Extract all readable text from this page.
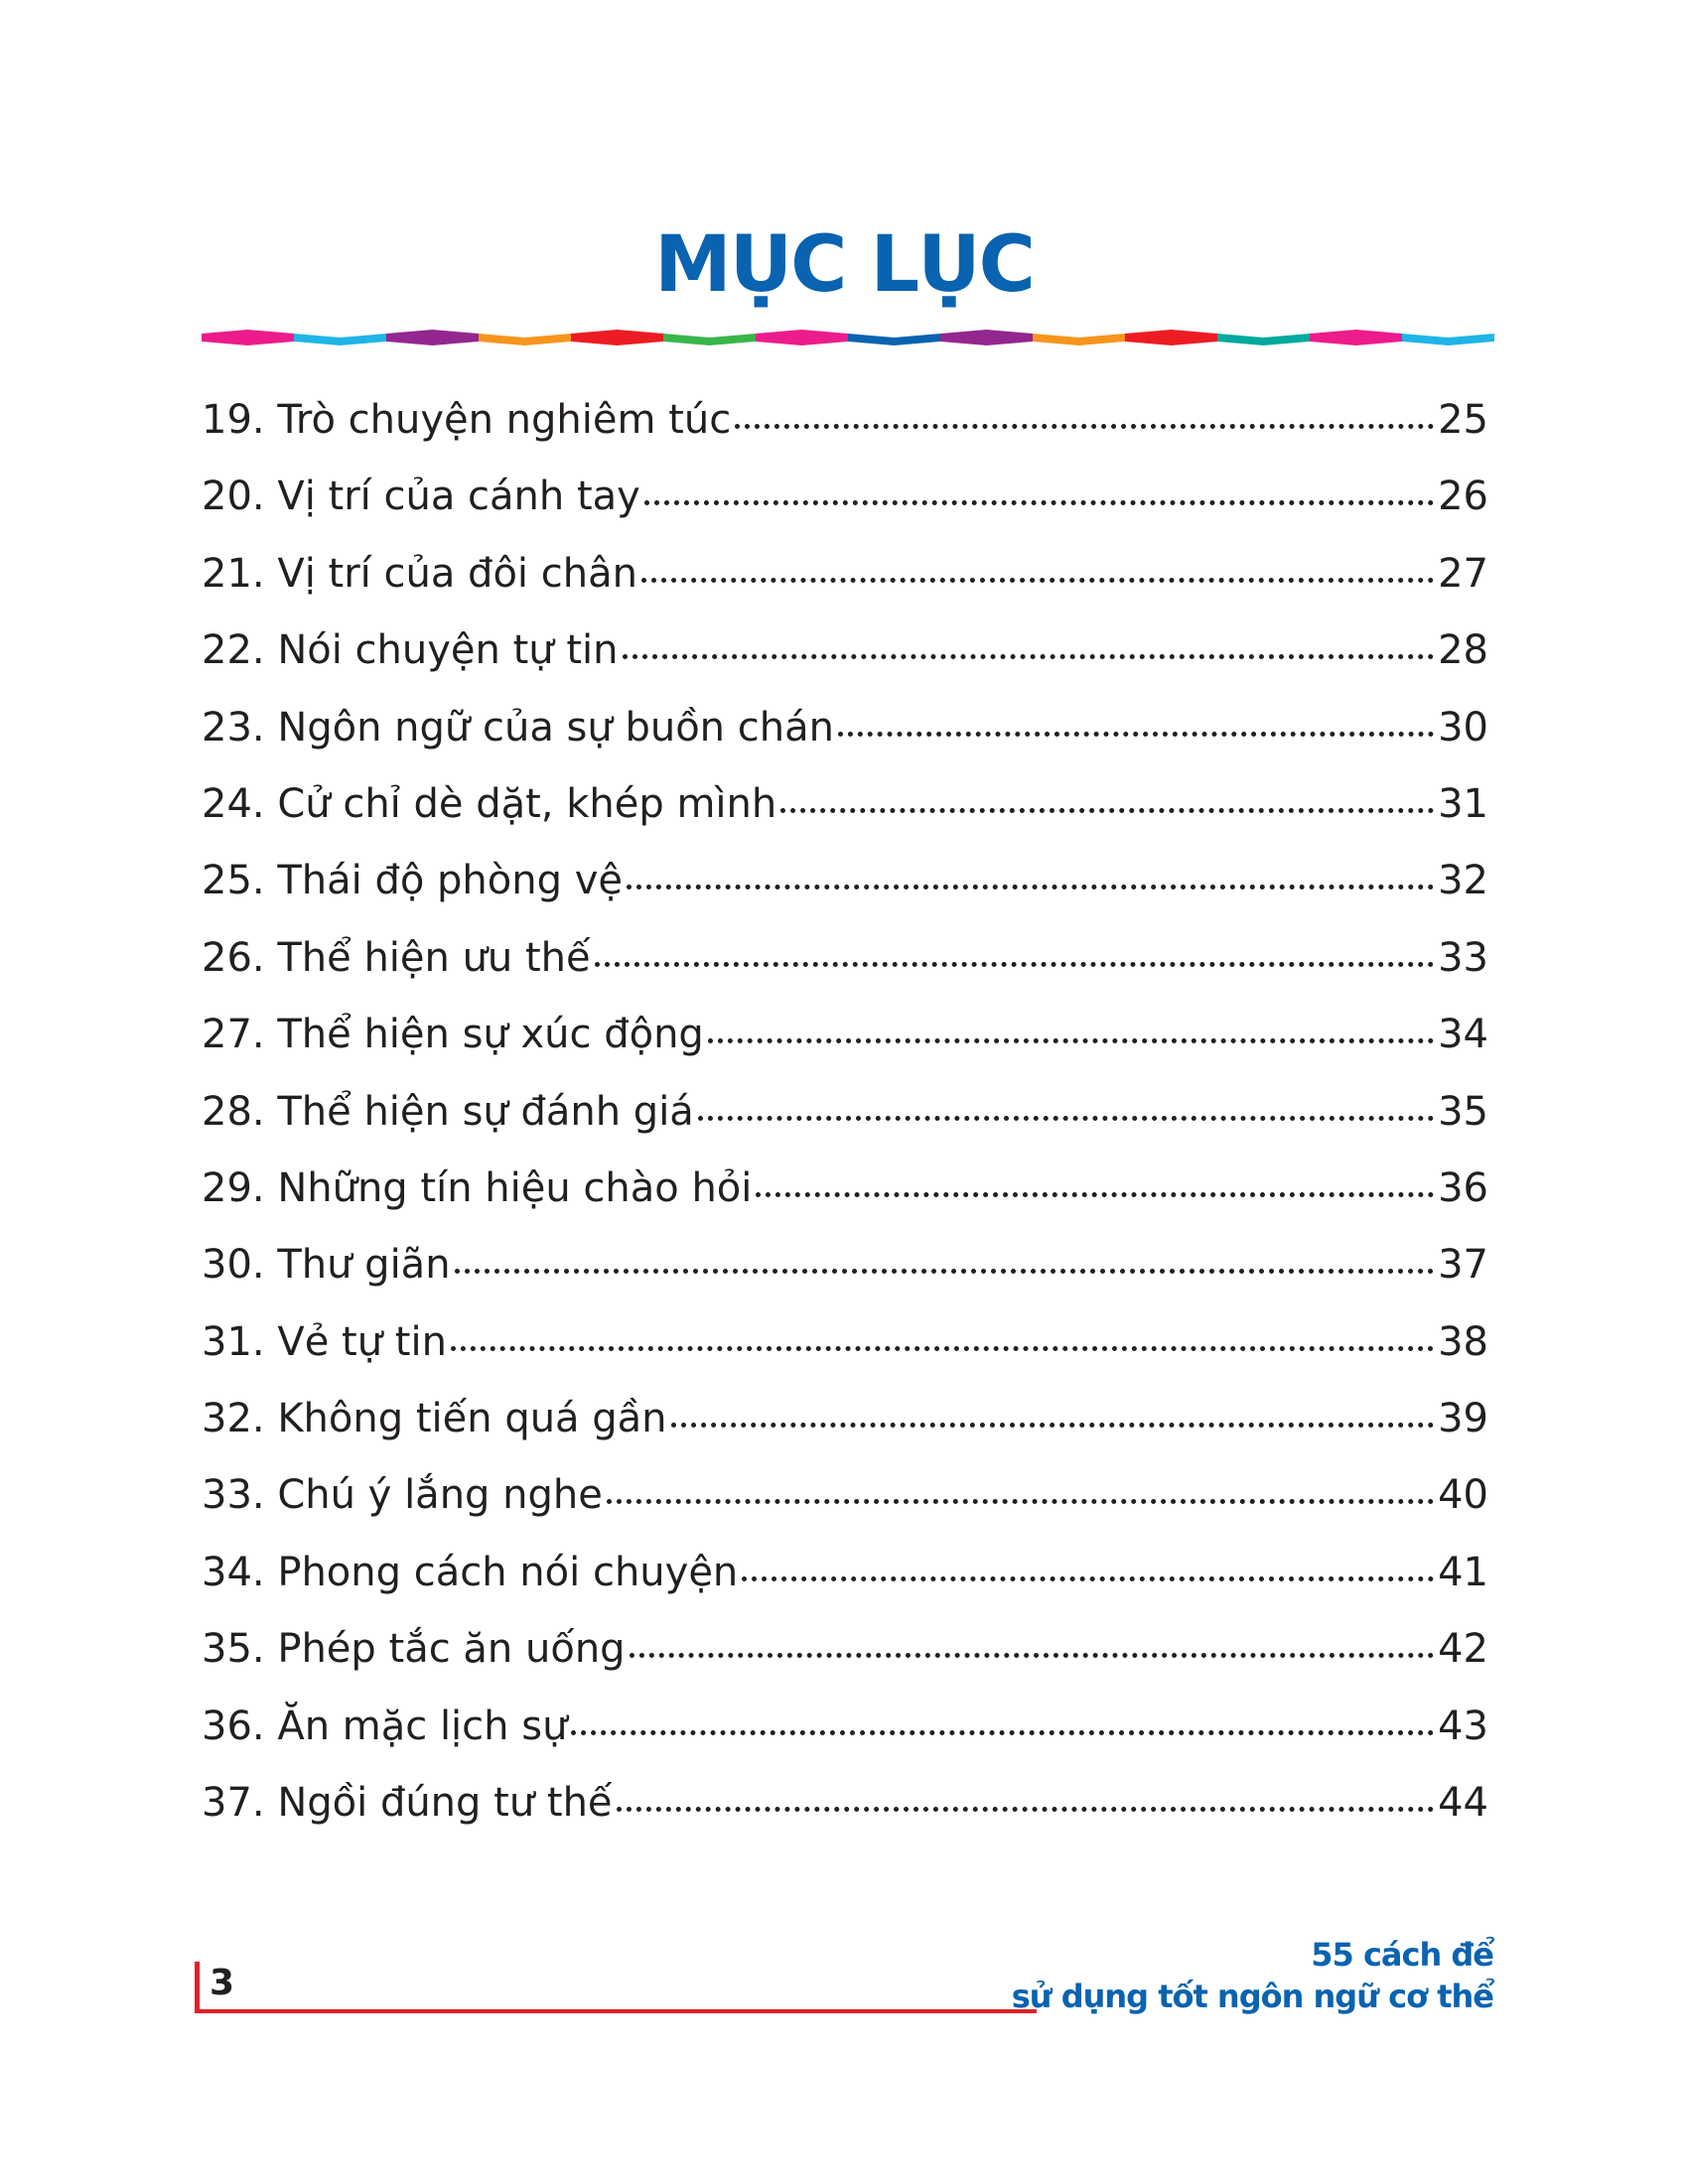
MỤC LỤC
19. Trò chuyện nghiêm túc	25
20. Vị trí của cánh tay	26
21. Vị trí của đôi chân	27
22. Nói chuyện tự tin	28
23. Ngôn ngữ của sự buồn chán	30
24. Cử chỉ dè dặt, khép mình	31
25. Thái độ phòng vệ	32
26. Thể hiện ưu thế	33
27. Thể hiện sự xúc động	34
28. Thể hiện sự đánh giá	35
29. Những tín hiệu chào hỏi	36
30. Thư giãn	37
31. Vẻ tự tin	38
32. Không tiến quá gần	39
33. Chú ý lắng nghe	40
34. Phong cách nói chuyện	41
35. Phép tắc ăn uống	42
36. Ăn mặc lịch sự	43
37. Ngồi đúng tư thế	44
3
55 cách để
sử dụng tốt ngôn ngữ cơ thể
